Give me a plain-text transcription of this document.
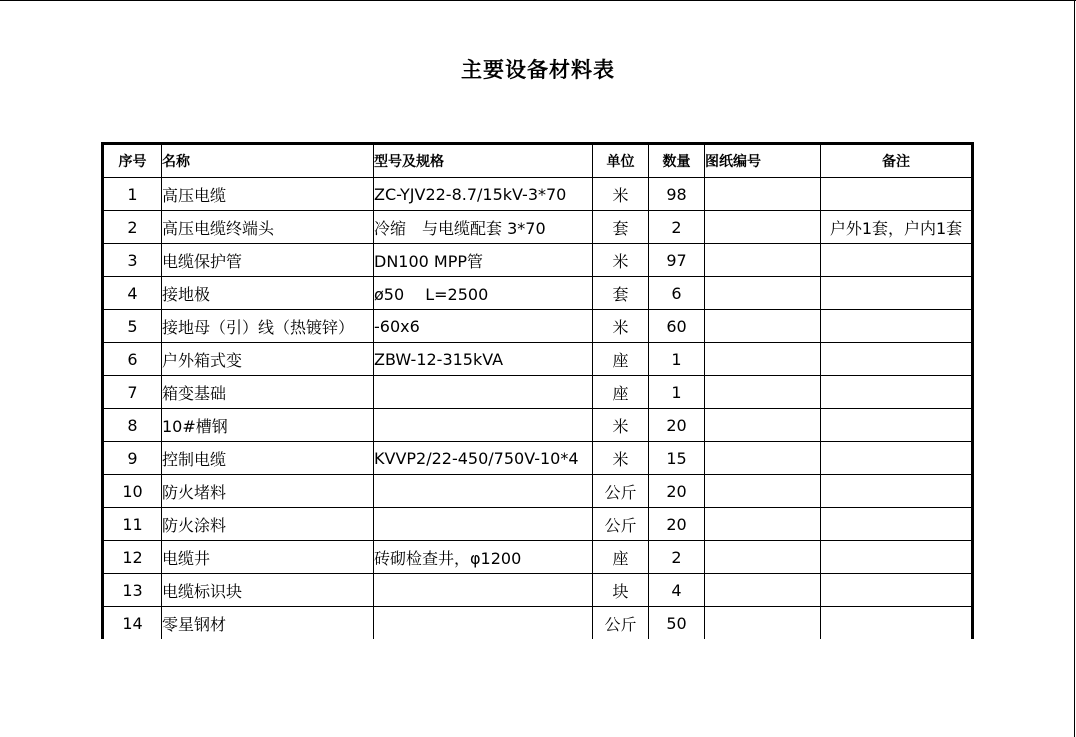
主要设备材料表
序号	名称	型号及规格	单位	数量	图纸编号	备注
1	高压电缆	ZC-YJV22-8.7/15kV-3*70	米	98		
2	高压电缆终端头	冷缩　与电缆配套 3*70	套	2		户外1套，户内1套
3	电缆保护管	DN100 MPP管	米	97		
4	接地极	ø50　 L=2500	套	6		
5	接地母（引）线（热镀锌）	-60x6	米	60		
6	户外箱式变	ZBW-12-315kVA	座	1		
7	箱变基础		座	1		
8	10#槽钢		米	20		
9	控制电缆	KVVP2/22-450/750V-10*4	米	15		
10	防火堵料		公斤	20		
11	防火涂料		公斤	20		
12	电缆井	砖砌检查井，φ1200	座	2		
13	电缆标识块		块	4		
14	零星钢材		公斤	50		
